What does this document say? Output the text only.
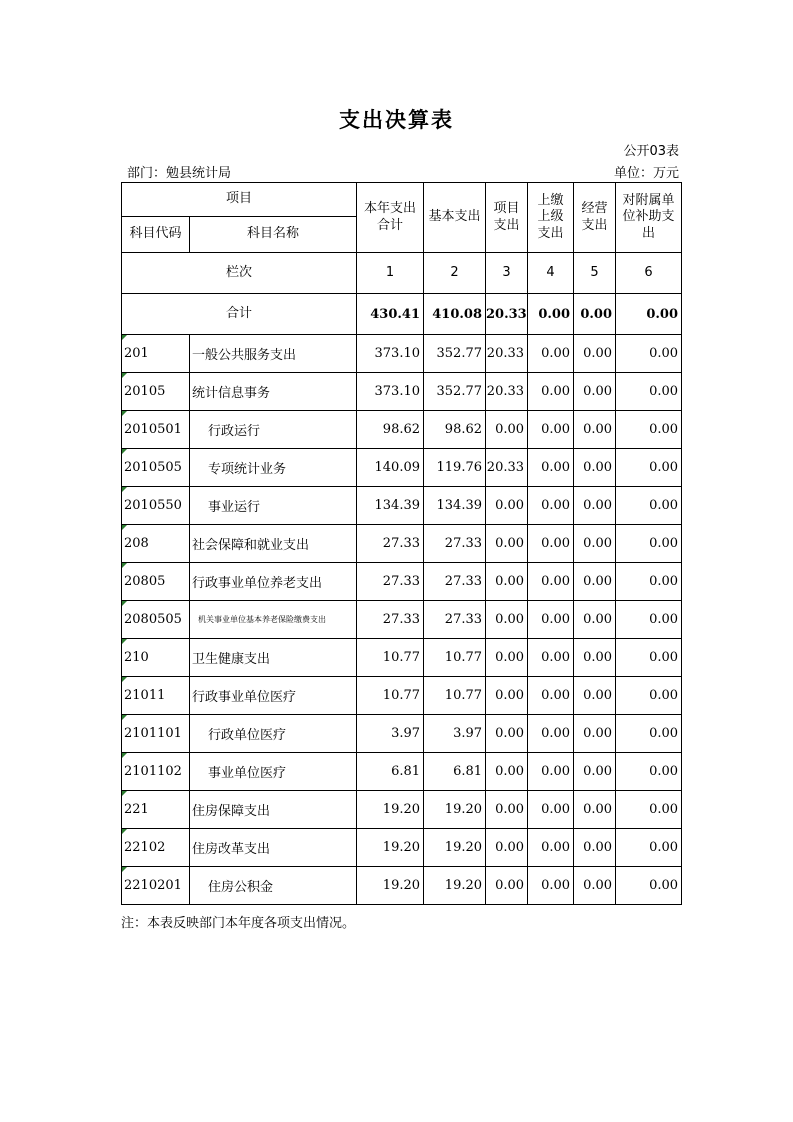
支出决算表
公开03表
部门：勉县统计局	单位：万元
项目		本年支出合计	基本支出	项目支出	上缴上级支出	经营支出	对附属单位补助支出
科目代码	科目名称						
栏次		1	2	3	4	5	6
合计		430.41	410.08	20.33	0.00	0.00	0.00
201	一般公共服务支出	373.10	352.77	20.33	0.00	0.00	0.00
20105	统计信息事务	373.10	352.77	20.33	0.00	0.00	0.00
2010501	行政运行	98.62	98.62	0.00	0.00	0.00	0.00
2010505	专项统计业务	140.09	119.76	20.33	0.00	0.00	0.00
2010550	事业运行	134.39	134.39	0.00	0.00	0.00	0.00
208	社会保障和就业支出	27.33	27.33	0.00	0.00	0.00	0.00
20805	行政事业单位养老支出	27.33	27.33	0.00	0.00	0.00	0.00
2080505	机关事业单位基本养老保险缴费支出	27.33	27.33	0.00	0.00	0.00	0.00
210	卫生健康支出	10.77	10.77	0.00	0.00	0.00	0.00
21011	行政事业单位医疗	10.77	10.77	0.00	0.00	0.00	0.00
2101101	行政单位医疗	3.97	3.97	0.00	0.00	0.00	0.00
2101102	事业单位医疗	6.81	6.81	0.00	0.00	0.00	0.00
221	住房保障支出	19.20	19.20	0.00	0.00	0.00	0.00
22102	住房改革支出	19.20	19.20	0.00	0.00	0.00	0.00
2210201	住房公积金	19.20	19.20	0.00	0.00	0.00	0.00
注：本表反映部门本年度各项支出情况。
